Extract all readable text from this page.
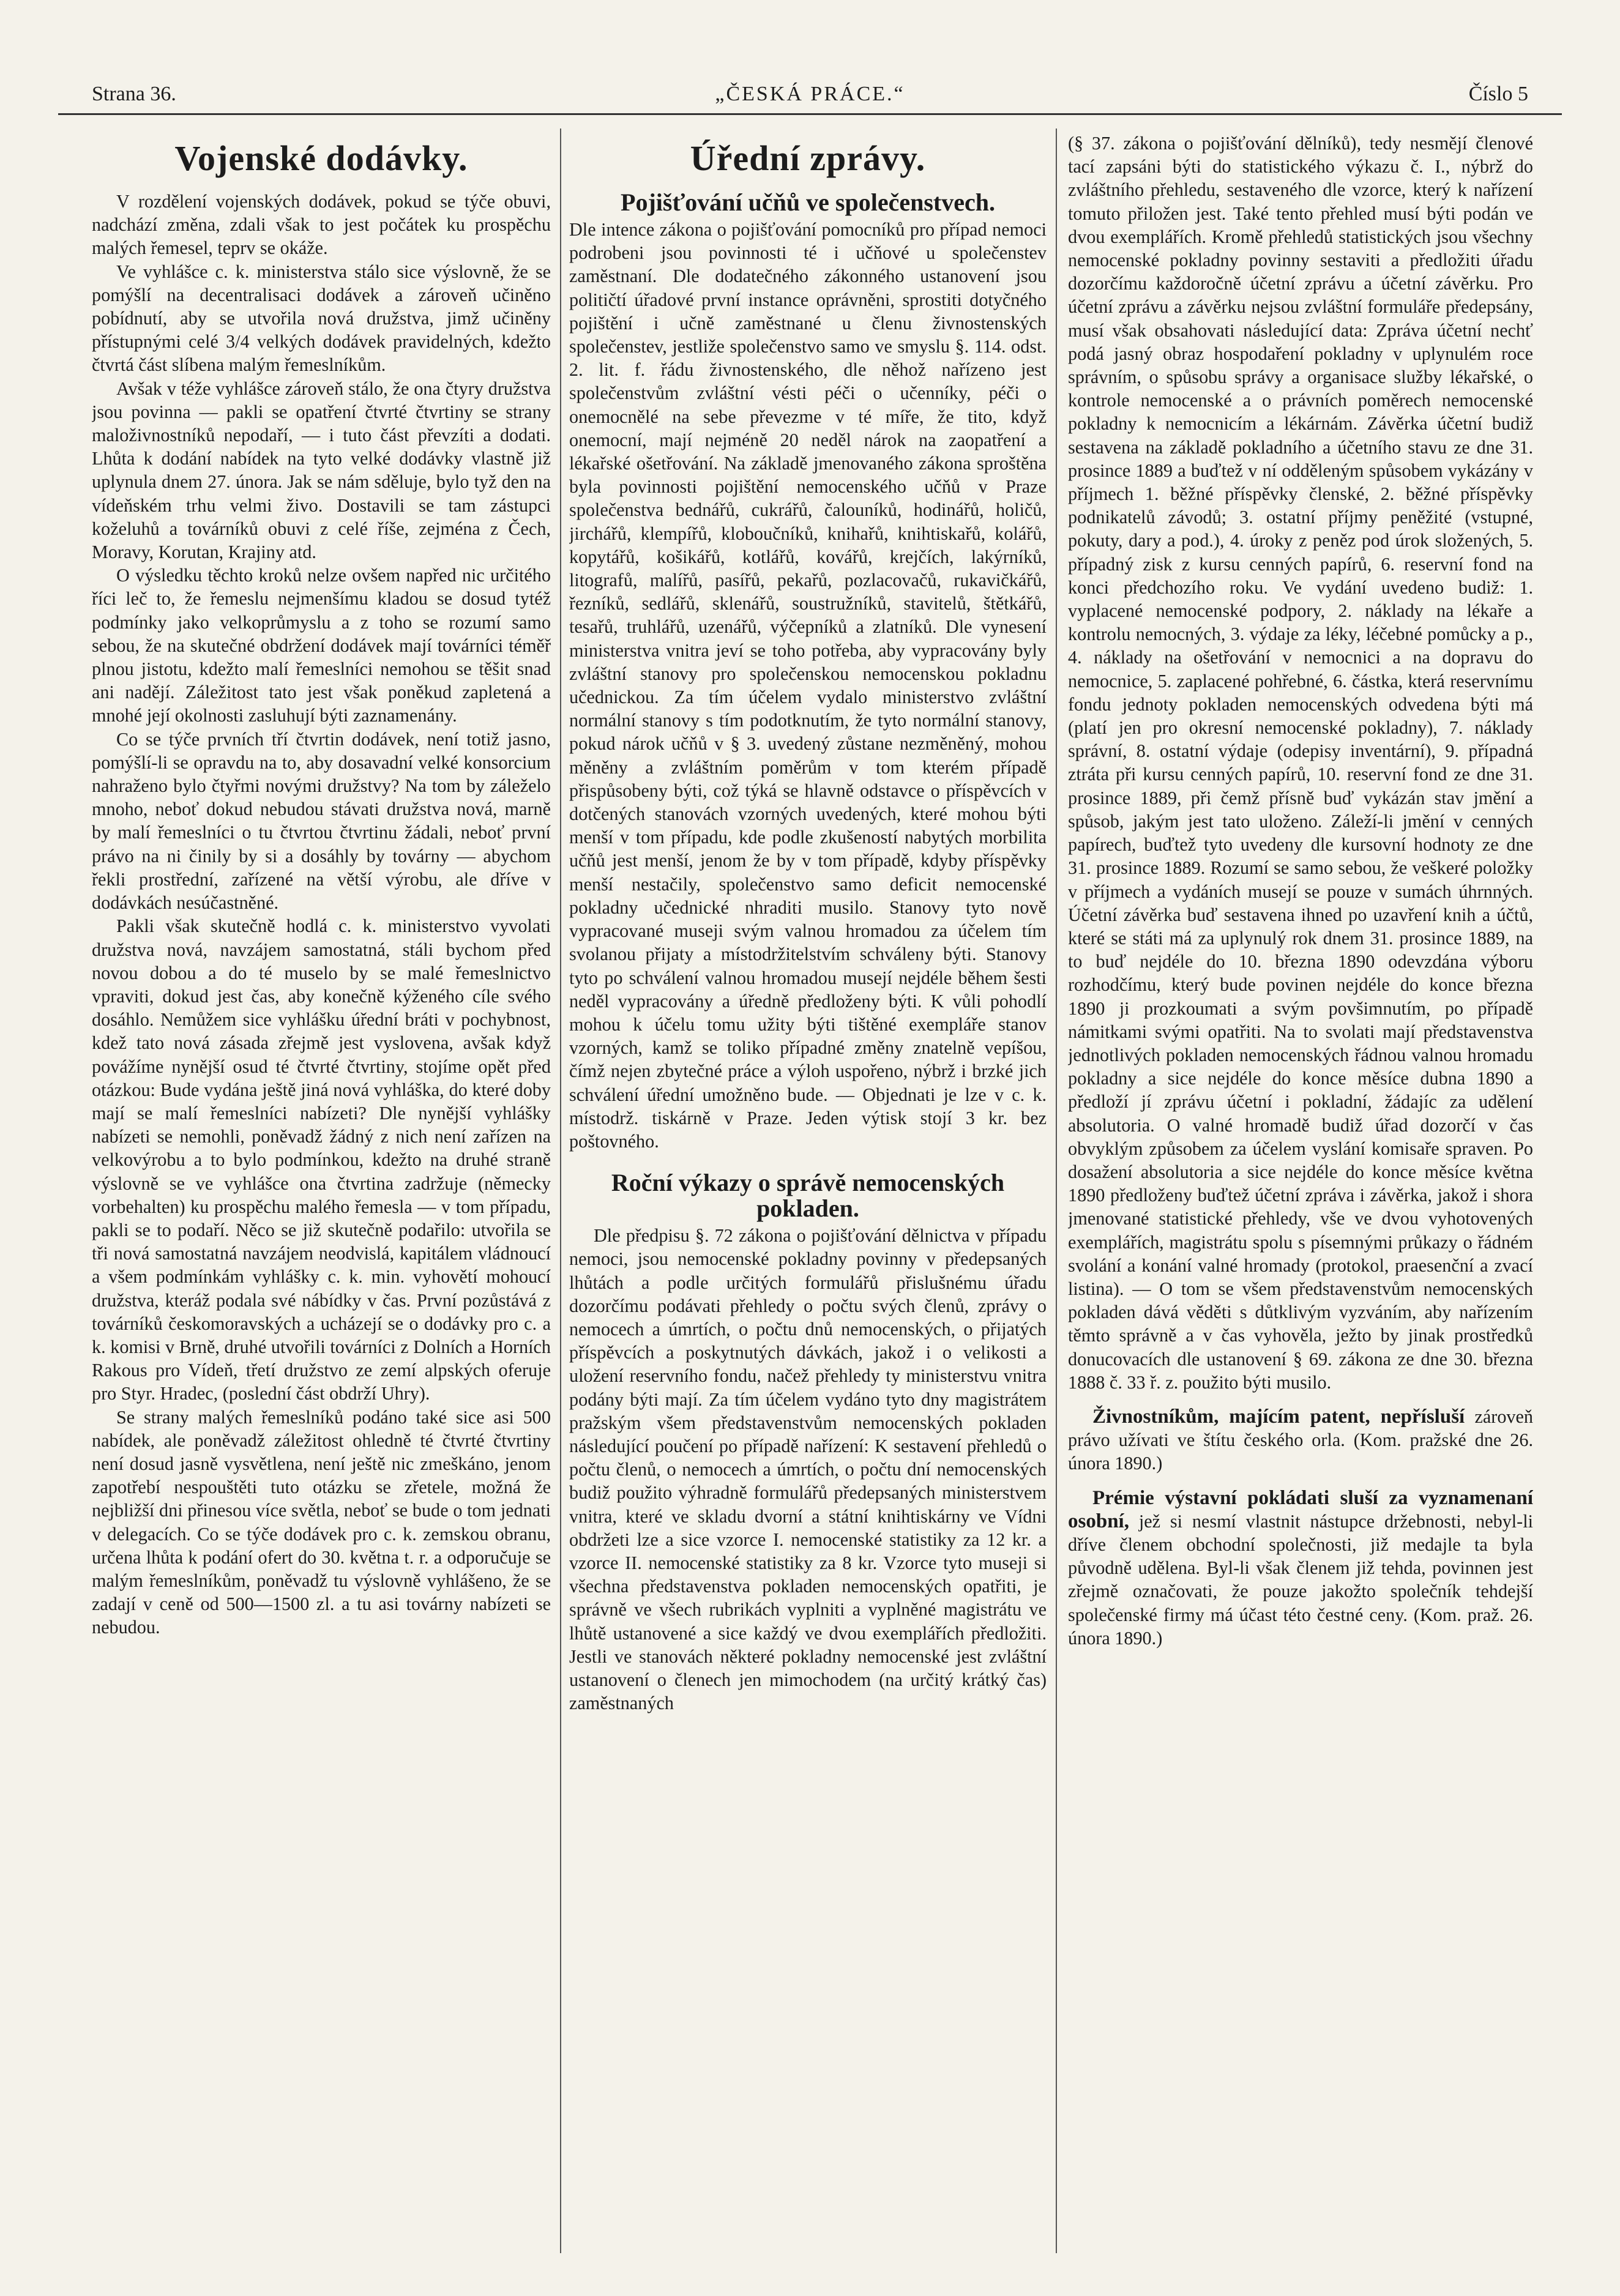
Strana 36.	„ČESKÁ PRÁCE.“	Číslo 5
Vojenské dodávky.

V rozdělení vojenských dodávek, pokud se týče obuvi, nadchází změna, zdali však to jest počátek ku prospěchu malých řemesel, teprv se okáže.

Ve vyhlášce c. k. ministerstva stálo sice výslovně, že se pomýšlí na decentralisaci dodávek a zároveň učiněno pobídnutí, aby se utvořila nová družstva, jimž učiněny přístupnými celé 3/4 velkých dodávek pravidelných, kdežto čtvrtá část slíbena malým řemeslníkům.

Avšak v téže vyhlášce zároveň stálo, že ona čtyry družstva jsou povinna — pakli se opatření čtvrté čtvrtiny se strany maloživnostníků nepodaří, — i tuto část převzíti a dodati. Lhůta k dodání nabídek na tyto velké dodávky vlastně již uplynula dnem 27. února. Jak se nám sděluje, bylo tyž den na vídeňském trhu velmi živo. Dostavili se tam zástupci koželuhů a továrníků obuvi z celé říše, zejména z Čech, Moravy, Korutan, Krajiny atd.

O výsledku těchto kroků nelze ovšem napřed nic určitého říci leč to, že řemeslu nejmenšímu kladou se dosud tytéž podmínky jako velkoprůmyslu a z toho se rozumí samo sebou, že na skutečné obdržení dodávek mají továrníci téměř plnou jistotu, kdežto malí řemeslníci nemohou se těšit snad ani nadějí. Záležitost tato jest však poněkud zapletená a mnohé její okolnosti zasluhují býti zaznamenány.

Co se týče prvních tří čtvrtin dodávek, není totiž jasno, pomýšlí-li se opravdu na to, aby dosavadní velké konsorcium nahraženo bylo čtyřmi novými družstvy? Na tom by záleželo mnoho, neboť dokud nebudou stávati družstva nová, marně by malí řemeslníci o tu čtvrtou čtvrtinu žádali, neboť první právo na ni činily by si a dosáhly by továrny — abychom řekli prostřední, zařízené na větší výrobu, ale dříve v dodávkách nesúčastněné.

Pakli však skutečně hodlá c. k. ministerstvo vyvolati družstva nová, navzájem samostatná, stáli bychom před novou dobou a do té muselo by se malé řemeslnictvo vpraviti, dokud jest čas, aby konečně kýženého cíle svého dosáhlo. Nemůžem sice vyhlášku úřední bráti v pochybnost, kdež tato nová zásada zřejmě jest vyslovena, avšak když povážíme nynější osud té čtvrté čtvrtiny, stojíme opět před otázkou: Bude vydána ještě jiná nová vyhláška, do které doby mají se malí řemeslníci nabízeti? Dle nynější vyhlášky nabízeti se nemohli, poněvadž žádný z nich není zařízen na velkovýrobu a to bylo podmínkou, kdežto na druhé straně výslovně se ve vyhlášce ona čtvrtina zadržuje (německy vorbehalten) ku prospěchu malého řemesla — v tom případu, pakli se to podaří. Něco se již skutečně podařilo: utvořila se tři nová samostatná navzájem neodvislá, kapitálem vládnoucí a všem podmínkám vyhlášky c. k. min. vyhovětí mohoucí družstva, kteráž podala své nábídky v čas. První pozůstává z továrníků českomoravských a ucházejí se o dodávky pro c. a k. komisi v Brně, druhé utvořili továrníci z Dolních a Horních Rakous pro Vídeň, třetí družstvo ze zemí alpských oferuje pro Styr. Hradec, (poslední část obdrží Uhry).

Se strany malých řemeslníků podáno také sice asi 500 nabídek, ale poněvadž záležitost ohledně té čtvrté čtvrtiny není dosud jasně vysvětlena, není ještě nic zmeškáno, jenom zapotřebí nespouštěti tuto otázku se zřetele, možná že nejbližší dni přinesou více světla, neboť se bude o tom jednati v delegacích. Co se týče dodávek pro c. k. zemskou obranu, určena lhůta k podání ofert do 30. května t. r. a odporučuje se malým řemeslníkům, poněvadž tu výslovně vyhlášeno, že se zadají v ceně od 500—1500 zl. a tu asi továrny nabízeti se nebudou.

Úřední zprávy.
Pojišťování učňů ve společenstvech.

Dle intence zákona o pojišťování pomocníků pro případ nemoci podrobeni jsou povinnosti té i učňové u společenstev zaměstnaní. Dle dodatečného zákonného ustanovení jsou političtí úřadové první instance oprávněni, sprostiti dotyčného pojištění i učně zaměstnané u členu živnostenských společenstev, jestliže společenstvo samo ve smyslu §. 114. odst. 2. lit. f. řádu živnostenského, dle něhož nařízeno jest společenstvům zvláštní vésti péči o učenníky, péči o onemocnělé na sebe převezme v té míře, že tito, když onemocní, mají nejméně 20 neděl nárok na zaopatření a lékařské ošetřování. Na základě jmenovaného zákona sproštěna byla povinnosti pojištění nemocenského učňů v Praze společenstva bednářů, cukrářů, čalouníků, hodinářů, holičů, jirchářů, klempířů, kloboučníků, knihařů, knihtiskařů, kolářů, kopytářů, košikářů, kotlářů, kovářů, krejčích, lakýrníků, litografů, malířů, pasířů, pekařů, pozlacovačů, rukavičkářů, řezníků, sedlářů, sklenářů, soustružníků, stavitelů, štětkářů, tesařů, truhlářů, uzenářů, výčepníků a zlatníků. Dle vynesení ministerstva vnitra jeví se toho potřeba, aby vypracovány byly zvláštní stanovy pro společenskou nemocenskou pokladnu učednickou. Za tím účelem vydalo ministerstvo zvláštní normální stanovy s tím podotknutím, že tyto normální stanovy, pokud nárok učňů v § 3. uvedený zůstane nezměněný, mohou měněny a zvláštním poměrům v tom kterém případě přispůsobeny býti, což týká se hlavně odstavce o příspěvcích v dotčených stanovách vzorných uvedených, které mohou býti menší v tom případu, kde podle zkušeností nabytých morbilita učňů jest menší, jenom že by v tom případě, kdyby příspěvky menší nestačily, společenstvo samo deficit nemocenské pokladny učednické nhraditi musilo. Stanovy tyto nově vypracované museji svým valnou hromadou za účelem tím svolanou přijaty a místodržitelstvím schváleny býti. Stanovy tyto po schválení valnou hromadou musejí nejdéle během šesti neděl vypracovány a úředně předloženy býti. K vůli pohodlí mohou k účelu tomu užity býti tištěné exempláře stanov vzorných, kamž se toliko případné změny znatelně vepíšou, čímž nejen zbytečné práce a výloh uspořeno, nýbrž i brzké jich schválení úřední umožněno bude. — Objednati je lze v c. k. místodrž. tiskárně v Praze. Jeden výtisk stojí 3 kr. bez poštovného.

Roční výkazy o správě nemocenských pokladen.

Dle předpisu §. 72 zákona o pojišťování dělnictva v případu nemoci, jsou nemocenské pokladny povinny v předepsaných lhůtách a podle určitých formulářů přislušnému úřadu dozorčímu podávati přehledy o počtu svých členů, zprávy o nemocech a úmrtích, o počtu dnů nemocenských, o přijatých příspěvcích a poskytnutých dávkách, jakož i o velikosti a uložení reservního fondu, načež přehledy ty ministerstvu vnitra podány býti mají. Za tím účelem vydáno tyto dny magistrátem pražským všem představenstvům nemocenských pokladen následující poučení po případě nařízení: K sestavení přehledů o počtu členů, o nemocech a úmrtích, o počtu dní nemocenských budiž použito výhradně formulářů předepsaných ministerstvem vnitra, které ve skladu dvorní a státní knihtiskárny ve Vídni obdržeti lze a sice vzorce I. nemocenské statistiky za 12 kr. a vzorce II. nemocenské statistiky za 8 kr. Vzorce tyto museji si všechna představenstva pokladen nemocenských opatřiti, je správně ve všech rubrikách vyplniti a vyplněné magistrátu ve lhůtě ustanovené a sice každý ve dvou exemplářích předložiti. Jestli ve stanovách některé pokladny nemocenské jest zvláštní ustanovení o členech jen mimochodem (na určitý krátký čas) zaměstnaných

(§ 37. zákona o pojišťování dělníků), tedy nesmějí členové tací zapsáni býti do statistického výkazu č. I., nýbrž do zvláštního přehledu, sestaveného dle vzorce, který k nařízení tomuto přiložen jest. Také tento přehled musí býti podán ve dvou exemplářích. Kromě přehledů statistických jsou všechny nemocenské pokladny povinny sestaviti a předložiti úřadu dozorčímu každoročně účetní zprávu a účetní závěrku. Pro účetní zprávu a závěrku nejsou zvláštní formuláře předepsány, musí však obsahovati následující data: Zpráva účetní nechť podá jasný obraz hospodaření pokladny v uplynulém roce správním, o spůsobu správy a organisace služby lékařské, o kontrole nemocenské a o právních poměrech nemocenské pokladny k nemocnicím a lékárnám. Závěrka účetní budiž sestavena na základě pokladního a účetního stavu ze dne 31. prosince 1889 a buďtež v ní odděleným spůsobem vykázány v příjmech 1. běžné příspěvky členské, 2. běžné příspěvky podnikatelů závodů; 3. ostatní příjmy peněžité (vstupné, pokuty, dary a pod.), 4. úroky z peněz pod úrok složených, 5. případný zisk z kursu cenných papírů, 6. reservní fond na konci předchozího roku. Ve vydání uvedeno budiž: 1. vyplacené nemocenské podpory, 2. náklady na lékaře a kontrolu nemocných, 3. výdaje za léky, léčebné pomůcky a p., 4. náklady na ošetřování v nemocnici a na dopravu do nemocnice, 5. zaplacené pohřebné, 6. částka, která reservnímu fondu jednoty pokladen nemocenských odvedena býti má (platí jen pro okresní nemocenské pokladny), 7. náklady správní, 8. ostatní výdaje (odepisy inventární), 9. případná ztráta při kursu cenných papírů, 10. reservní fond ze dne 31. prosince 1889, při čemž přísně buď vykázán stav jmění a spůsob, jakým jest tato uloženo. Záleží-li jmění v cenných papírech, buďtež tyto uvedeny dle kursovní hodnoty ze dne 31. prosince 1889. Rozumí se samo sebou, že veškeré položky v příjmech a vydáních musejí se pouze v sumách úhrnných. Účetní závěrka buď sestavena ihned po uzavření knih a účtů, které se státi má za uplynulý rok dnem 31. prosince 1889, na to buď nejdéle do 10. března 1890 odevzdána výboru rozhodčímu, který bude povinen nejdéle do konce března 1890 ji prozkoumati a svým povšimnutím, po případě námitkami svými opatřiti. Na to svolati mají představenstva jednotlivých pokladen nemocenských řádnou valnou hromadu pokladny a sice nejdéle do konce měsíce dubna 1890 a předloží jí zprávu účetní i pokladní, žádajíc za udělení absolutoria. O valné hromadě budiž úřad dozorčí v čas obvyklým způsobem za účelem vyslání komisaře spraven. Po dosažení absolutoria a sice nejdéle do konce měsíce května 1890 předloženy buďtež účetní zpráva i závěrka, jakož i shora jmenované statistické přehledy, vše ve dvou vyhotovených exemplářích, magistrátu spolu s písemnými průkazy o řádném svolání a konání valné hromady (protokol, praesenční a zvací listina). — O tom se všem představenstvům nemocenských pokladen dává věděti s důtklivým vyzváním, aby nařízením těmto správně a v čas vyhověla, ježto by jinak prostředků donucovacích dle ustanovení § 69. zákona ze dne 30. března 1888 č. 33 ř. z. použito býti musilo.

Živnostníkům, majícím patent, nepřísluší zároveň právo užívati ve štítu českého orla. (Kom. pražské dne 26. února 1890.)

Prémie výstavní pokládati sluší za vyznamenaní osobní, jež si nesmí vlastnit nástupce držebnosti, nebyl-li dříve členem obchodní společnosti, již medajle ta byla původně udělena. Byl-li však členem již tehda, povinnen jest zřejmě označovati, že pouze jakožto společník tehdejší společenské firmy má účast této čestné ceny. (Kom. praž. 26. února 1890.)
